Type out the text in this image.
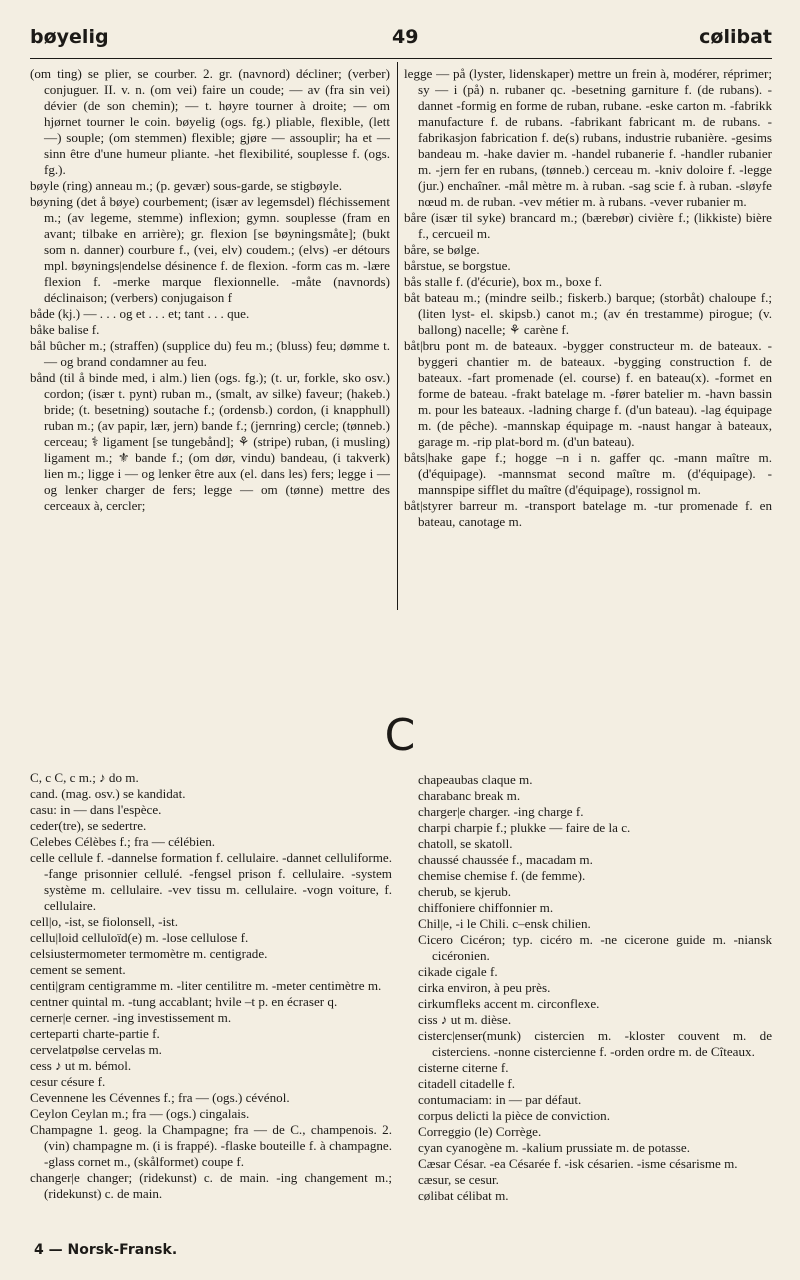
bøyelig	49	cølibat

(om ting) se plier, se courber. 2. gr. (navnord) décliner; (verber) conjuguer. II. v. n. (om vei) faire un coude; — av (fra sin vei) dévier (de son chemin); — t. høyre tourner à droite; — om hjørnet tourner le coin. bøyelig (ogs. fg.) pliable, flexible, (lett —) souple; (om stemmen) flexible; gjøre — assouplir; ha et — sinn être d'une humeur pliante. -het flexibilité, souplesse f. (ogs. fg.).

bøyle (ring) anneau m.; (p. gevær) sous-garde, se stigbøyle.

bøyning (det å bøye) courbement; (især av legemsdel) fléchissement m.; (av legeme, stemme) inflexion; gymn. souplesse (fram en avant; tilbake en arrière); gr. flexion [se bøyningsmåte]; (bukt som n. danner) courbure f., (vei, elv) coudem.; (elvs) -er détours mpl. bøynings|endelse désinence f. de flexion. -form cas m. -lære flexion f. -merke marque flexionnelle. -måte (navnords) déclinaison; (verbers) conjugaison f

både (kj.) — . . . og et . . . et; tant . . . que.

båke balise f.

bål bûcher m.; (straffen) (supplice du) feu m.; (bluss) feu; dømme t. — og brand condamner au feu.

bånd (til å binde med, i alm.) lien (ogs. fg.); (t. ur, forkle, sko osv.) cordon; (især t. pynt) ruban m., (smalt, av silke) faveur; (hakeb.) bride; (t. besetning) soutache f.; (ordensb.) cordon, (i knapphull) ruban m.; (av papir, lær, jern) bande f.; (jernring) cercle; (tønneb.) cerceau; ⚕ ligament [se tungebånd]; ⚘ (stripe) ruban, (i musling) ligament m.; ⚜ bande f.; (om dør, vindu) bandeau, (i takverk) lien m.; ligge i — og lenker être aux (el. dans les) fers; legge i — og lenker charger de fers; legge — om (tønne) mettre des cerceaux à, cercler;

legge — på (lyster, lidenskaper) mettre un frein à, modérer, réprimer; sy — i (på) n. rubaner qc. -besetning garniture f. (de rubans). -dannet -formig en forme de ruban, rubane. -eske carton m. -fabrikk manufacture f. de rubans. -fabrikant fabricant m. de rubans. -fabrikasjon fabrication f. de(s) rubans, industrie rubanière. -gesims bandeau m. -hake davier m. -handel rubanerie f. -handler rubanier m. -jern fer en rubans, (tønneb.) cerceau m. -kniv doloire f. -legge (jur.) enchaîner. -mål mètre m. à ruban. -sag scie f. à ruban. -sløyfe nœud m. de ruban. -vev métier m. à rubans. -vever rubanier m.

båre (især til syke) brancard m.; (bærebør) civière f.; (likkiste) bière f., cercueil m.

båre, se bølge.

bårstue, se borgstue.

bås stalle f. (d'écurie), box m., boxe f.

båt bateau m.; (mindre seilb.; fiskerb.) barque; (storbåt) chaloupe f.; (liten lyst- el. skipsb.) canot m.; (av én trestamme) pirogue; (v. ballong) nacelle; ⚘ carène f.

båt|bru pont m. de bateaux. -bygger constructeur m. de bateaux. -byggeri chantier m. de bateaux. -bygging construction f. de bateaux. -fart promenade (el. course) f. en bateau(x). -formet en forme de bateau. -frakt batelage m. -fører batelier m. -havn bassin m. pour les bateaux. -ladning charge f. (d'un bateau). -lag équipage m. (de pêche). -mannskap équipage m. -naust hangar à bateaux, garage m. -rip plat-bord m. (d'un bateau).

båts|hake gape f.; hogge –n i n. gaffer qc. -mann maître m. (d'équipage). -mannsmat second maître m. (d'équipage). -mannspipe sifflet du maître (d'équipage), rossignol m.

båt|styrer barreur m. -transport batelage m. -tur promenade f. en bateau, canotage m.

C

C, c C, c m.; ♪ do m.

cand. (mag. osv.) se kandidat.

casu: in — dans l'espèce.

ceder(tre), se sedertre.

Celebes Célèbes f.; fra — célébien.

celle cellule f. -dannelse formation f. cellulaire. -dannet celluliforme. -fange prisonnier cellulé. -fengsel prison f. cellulaire. -system système m. cellulaire. -vev tissu m. cellulaire. -vogn voiture, f. cellulaire.

cell|o, -ist, se fiolonsell, -ist.

cellu|loid celluloïd(e) m. -lose cellulose f.

celsiustermometer termomètre m. centigrade.

cement se sement.

centi|gram centigramme m. -liter centilitre m. -meter centimètre m.

centner quintal m. -tung accablant; hvile –t p. en écraser q.

cerner|e cerner. -ing investissement m.

certeparti charte-partie f.

cervelatpølse cervelas m.

cess ♪ ut m. bémol.

cesur césure f.

Cevennene les Cévennes f.; fra — (ogs.) cévénol.

Ceylon Ceylan m.; fra — (ogs.) cingalais.

Champagne 1. geog. la Champagne; fra — de C., champenois. 2. (vin) champagne m. (i is frappé). -flaske bouteille f. à champagne. -glass cornet m., (skålformet) coupe f.

changer|e changer; (ridekunst) c. de main. -ing changement m.; (ridekunst) c. de main.

chapeaubas claque m.

charabanc break m.

charger|e charger. -ing charge f.

charpi charpie f.; plukke — faire de la c.

chatoll, se skatoll.

chaussé chaussée f., macadam m.

chemise chemise f. (de femme).

cherub, se kjerub.

chiffoniere chiffonnier m.

Chil|e, -i le Chili. c–ensk chilien.

Cicero Cicéron; typ. cicéro m. -ne cicerone guide m. -niansk cicéronien.

cikade cigale f.

cirka environ, à peu près.

cirkumfleks accent m. circonflexe.

ciss ♪ ut m. dièse.

cisterc|enser(munk) cistercien m. -kloster couvent m. de cisterciens. -nonne cistercienne f. -orden ordre m. de Cîteaux.

cisterne citerne f.

citadell citadelle f.

contumaciam: in — par défaut.

corpus delicti la pièce de conviction.

Correggio (le) Corrège.

cyan cyanogène m. -kalium prussiate m. de potasse.

Cæsar César. -ea Césarée f. -isk césarien. -isme césarisme m.

cæsur, se cesur.

cølibat célibat m.

4 — Norsk-Fransk.
